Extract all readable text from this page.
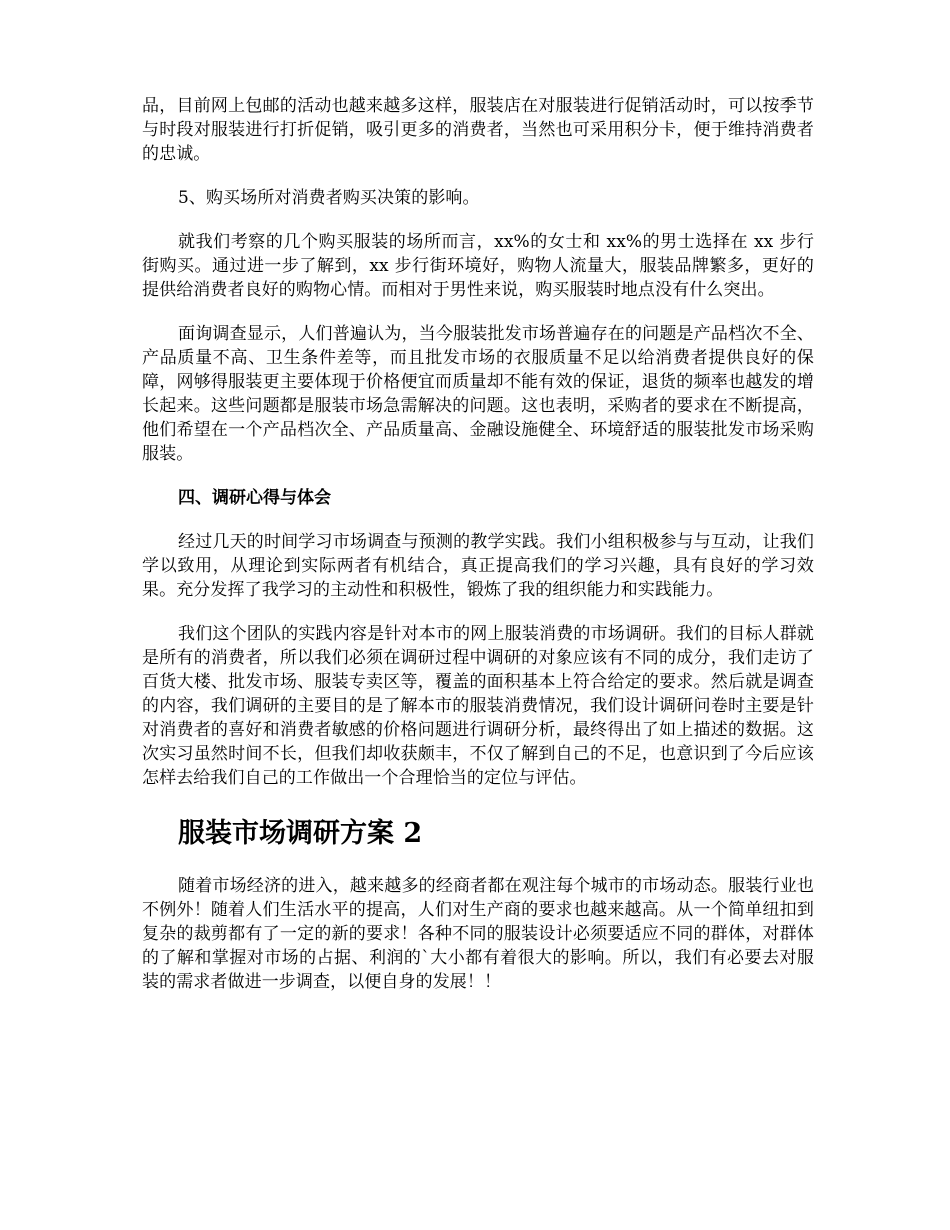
品，目前网上包邮的活动也越来越多这样，服装店在对服装进行促销活动时，可以按季节与时段对服装进行打折促销，吸引更多的消费者，当然也可采用积分卡，便于维持消费者的忠诚。

5、购买场所对消费者购买决策的影响。

就我们考察的几个购买服装的场所而言，xx%的女士和 xx%的男士选择在 xx 步行街购买。通过进一步了解到，xx 步行街环境好，购物人流量大，服装品牌繁多，更好的提供给消费者良好的购物心情。而相对于男性来说，购买服装时地点没有什么突出。

面询调查显示，人们普遍认为，当今服装批发市场普遍存在的问题是产品档次不全、产品质量不高、卫生条件差等，而且批发市场的衣服质量不足以给消费者提供良好的保障，网够得服装更主要体现于价格便宜而质量却不能有效的保证，退货的频率也越发的增长起来。这些问题都是服装市场急需解决的问题。这也表明，采购者的要求在不断提高，他们希望在一个产品档次全、产品质量高、金融设施健全、环境舒适的服装批发市场采购服装。

四、调研心得与体会

经过几天的时间学习市场调查与预测的教学实践。我们小组积极参与与互动，让我们学以致用，从理论到实际两者有机结合，真正提高我们的学习兴趣，具有良好的学习效果。充分发挥了我学习的主动性和积极性，锻炼了我的组织能力和实践能力。

我们这个团队的实践内容是针对本市的网上服装消费的市场调研。我们的目标人群就是所有的消费者，所以我们必须在调研过程中调研的对象应该有不同的成分，我们走访了百货大楼、批发市场、服装专卖区等，覆盖的面积基本上符合给定的要求。然后就是调查的内容，我们调研的主要目的是了解本市的服装消费情况，我们设计调研问卷时主要是针对消费者的喜好和消费者敏感的价格问题进行调研分析，最终得出了如上描述的数据。这次实习虽然时间不长，但我们却收获颇丰，不仅了解到自己的不足，也意识到了今后应该怎样去给我们自己的工作做出一个合理恰当的定位与评估。

服装市场调研方案 2

随着市场经济的进入，越来越多的经商者都在观注每个城市的市场动态。服装行业也不例外！随着人们生活水平的提高，人们对生产商的要求也越来越高。从一个简单纽扣到复杂的裁剪都有了一定的新的要求！各种不同的服装设计必须要适应不同的群体，对群体的了解和掌握对市场的占据、利润的`大小都有着很大的影响。所以，我们有必要去对服装的需求者做进一步调查，以便自身的发展！！
